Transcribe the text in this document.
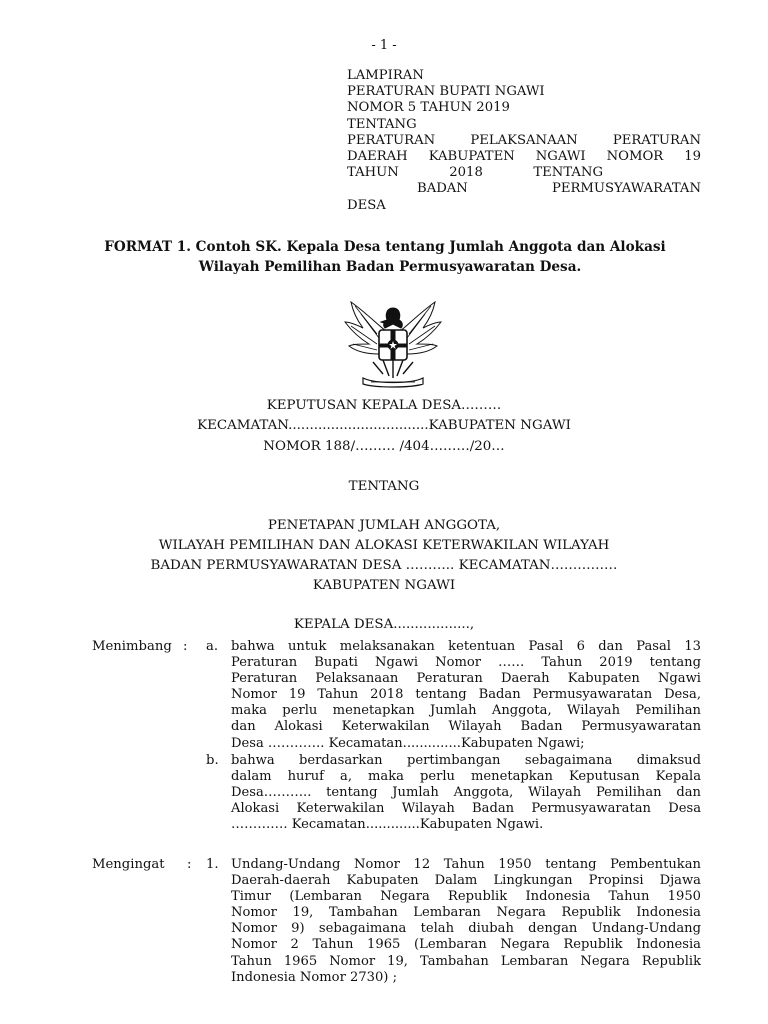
- 1 -
LAMPIRAN
PERATURAN BUPATI NGAWI
NOMOR 5 TAHUN 2019
TENTANG
PERATURAN PELAKSANAAN PERATURAN
DAERAH KABUPATEN NGAWI NOMOR 19
TAHUN 2018 TENTANG
BADAN PERMUSYAWARATAN
DESA
FORMAT 1. Contoh SK. Kepala Desa tentang Jumlah Anggota dan Alokasi
Wilayah Pemilihan Badan Permusyawaratan Desa.
KEPUTUSAN KEPALA DESA………
KECAMATAN.................................KABUPATEN NGAWI
NOMOR 188/……… /404………/20…
TENTANG
PENETAPAN JUMLAH ANGGOTA,
WILAYAH PEMILIHAN DAN ALOKASI KETERWAKILAN WILAYAH
BADAN PERMUSYAWARATAN DESA ……….. KECAMATAN……………
KABUPATEN NGAWI
KEPALA DESA..................,
Menimbang : a. bahwa untuk melaksanakan ketentuan Pasal 6 dan Pasal 13
Peraturan Bupati Ngawi Nomor …… Tahun 2019 tentang
Peraturan Pelaksanaan Peraturan Daerah Kabupaten Ngawi
Nomor 19 Tahun 2018 tentang Badan Permusyawaratan Desa,
maka perlu menetapkan Jumlah Anggota, Wilayah Pemilihan
dan Alokasi Keterwakilan Wilayah Badan Permusyawaratan
Desa …………. Kecamatan..............Kabupaten Ngawi;
b. bahwa berdasarkan pertimbangan sebagaimana dimaksud
dalam huruf a, maka perlu menetapkan Keputusan Kepala
Desa……….. tentang Jumlah Anggota, Wilayah Pemilihan dan
Alokasi Keterwakilan Wilayah Badan Permusyawaratan Desa
…………. Kecamatan.............Kabupaten Ngawi.
Mengingat : 1. Undang-Undang Nomor 12 Tahun 1950 tentang Pembentukan
Daerah-daerah Kabupaten Dalam Lingkungan Propinsi Djawa
Timur (Lembaran Negara Republik Indonesia Tahun 1950
Nomor 19, Tambahan Lembaran Negara Republik Indonesia
Nomor 9) sebagaimana telah diubah dengan Undang-Undang
Nomor 2 Tahun 1965 (Lembaran Negara Republik Indonesia
Tahun 1965 Nomor 19, Tambahan Lembaran Negara Republik
Indonesia Nomor 2730) ;
